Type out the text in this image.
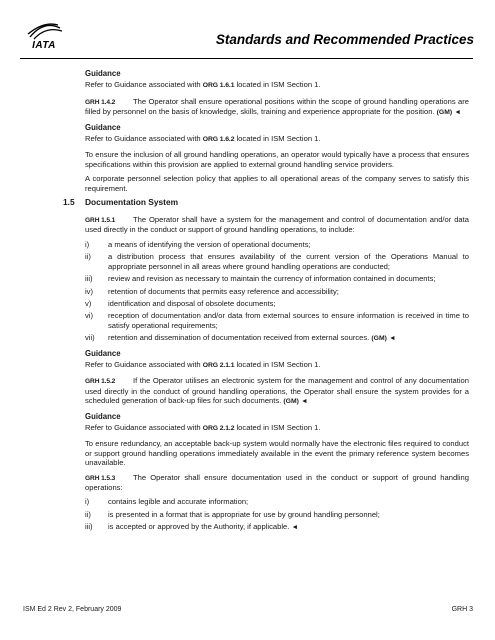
IATA	Standards and Recommended Practices
Guidance
Refer to Guidance associated with ORG 1.6.1 located in ISM Section 1.
GRH 1.4.2 The Operator shall ensure operational positions within the scope of ground handling operations are filled by personnel on the basis of knowledge, skills, training and experience appropriate for the position. (GM) ◄
Guidance
Refer to Guidance associated with ORG 1.6.2 located in ISM Section 1.
To ensure the inclusion of all ground handling operations, an operator would typically have a process that ensures specifications within this provision are applied to external ground handling service providers.
A corporate personnel selection policy that applies to all operational areas of the company serves to satisfy this requirement.
1.5 Documentation System
GRH 1.5.1 The Operator shall have a system for the management and control of documentation and/or data used directly in the conduct or support of ground handling operations, to include:
i)	a means of identifying the version of operational documents;
ii)	a distribution process that ensures availability of the current version of the Operations Manual to appropriate personnel in all areas where ground handling operations are conducted;
iii)	review and revision as necessary to maintain the currency of information contained in documents;
iv)	retention of documents that permits easy reference and accessibility;
v)	identification and disposal of obsolete documents;
vi)	reception of documentation and/or data from external sources to ensure information is received in time to satisfy operational requirements;
vii)	retention and dissemination of documentation received from external sources. (GM) ◄
Guidance
Refer to Guidance associated with ORG 2.1.1 located in ISM Section 1.
GRH 1.5.2 If the Operator utilises an electronic system for the management and control of any documentation used directly in the conduct of ground handling operations, the Operator shall ensure the system provides for a scheduled generation of back-up files for such documents. (GM) ◄
Guidance
Refer to Guidance associated with ORG 2.1.2 located in ISM Section 1.
To ensure redundancy, an acceptable back-up system would normally have the electronic files required to conduct or support ground handling operations immediately available in the event the primary reference system becomes unavailable.
GRH 1.5.3 The Operator shall ensure documentation used in the conduct or support of ground handling operations:
i)	contains legible and accurate information;
ii)	is presented in a format that is appropriate for use by ground handling personnel;
iii)	is accepted or approved by the Authority, if applicable. ◄
ISM Ed 2 Rev 2, February 2009	GRH 3
